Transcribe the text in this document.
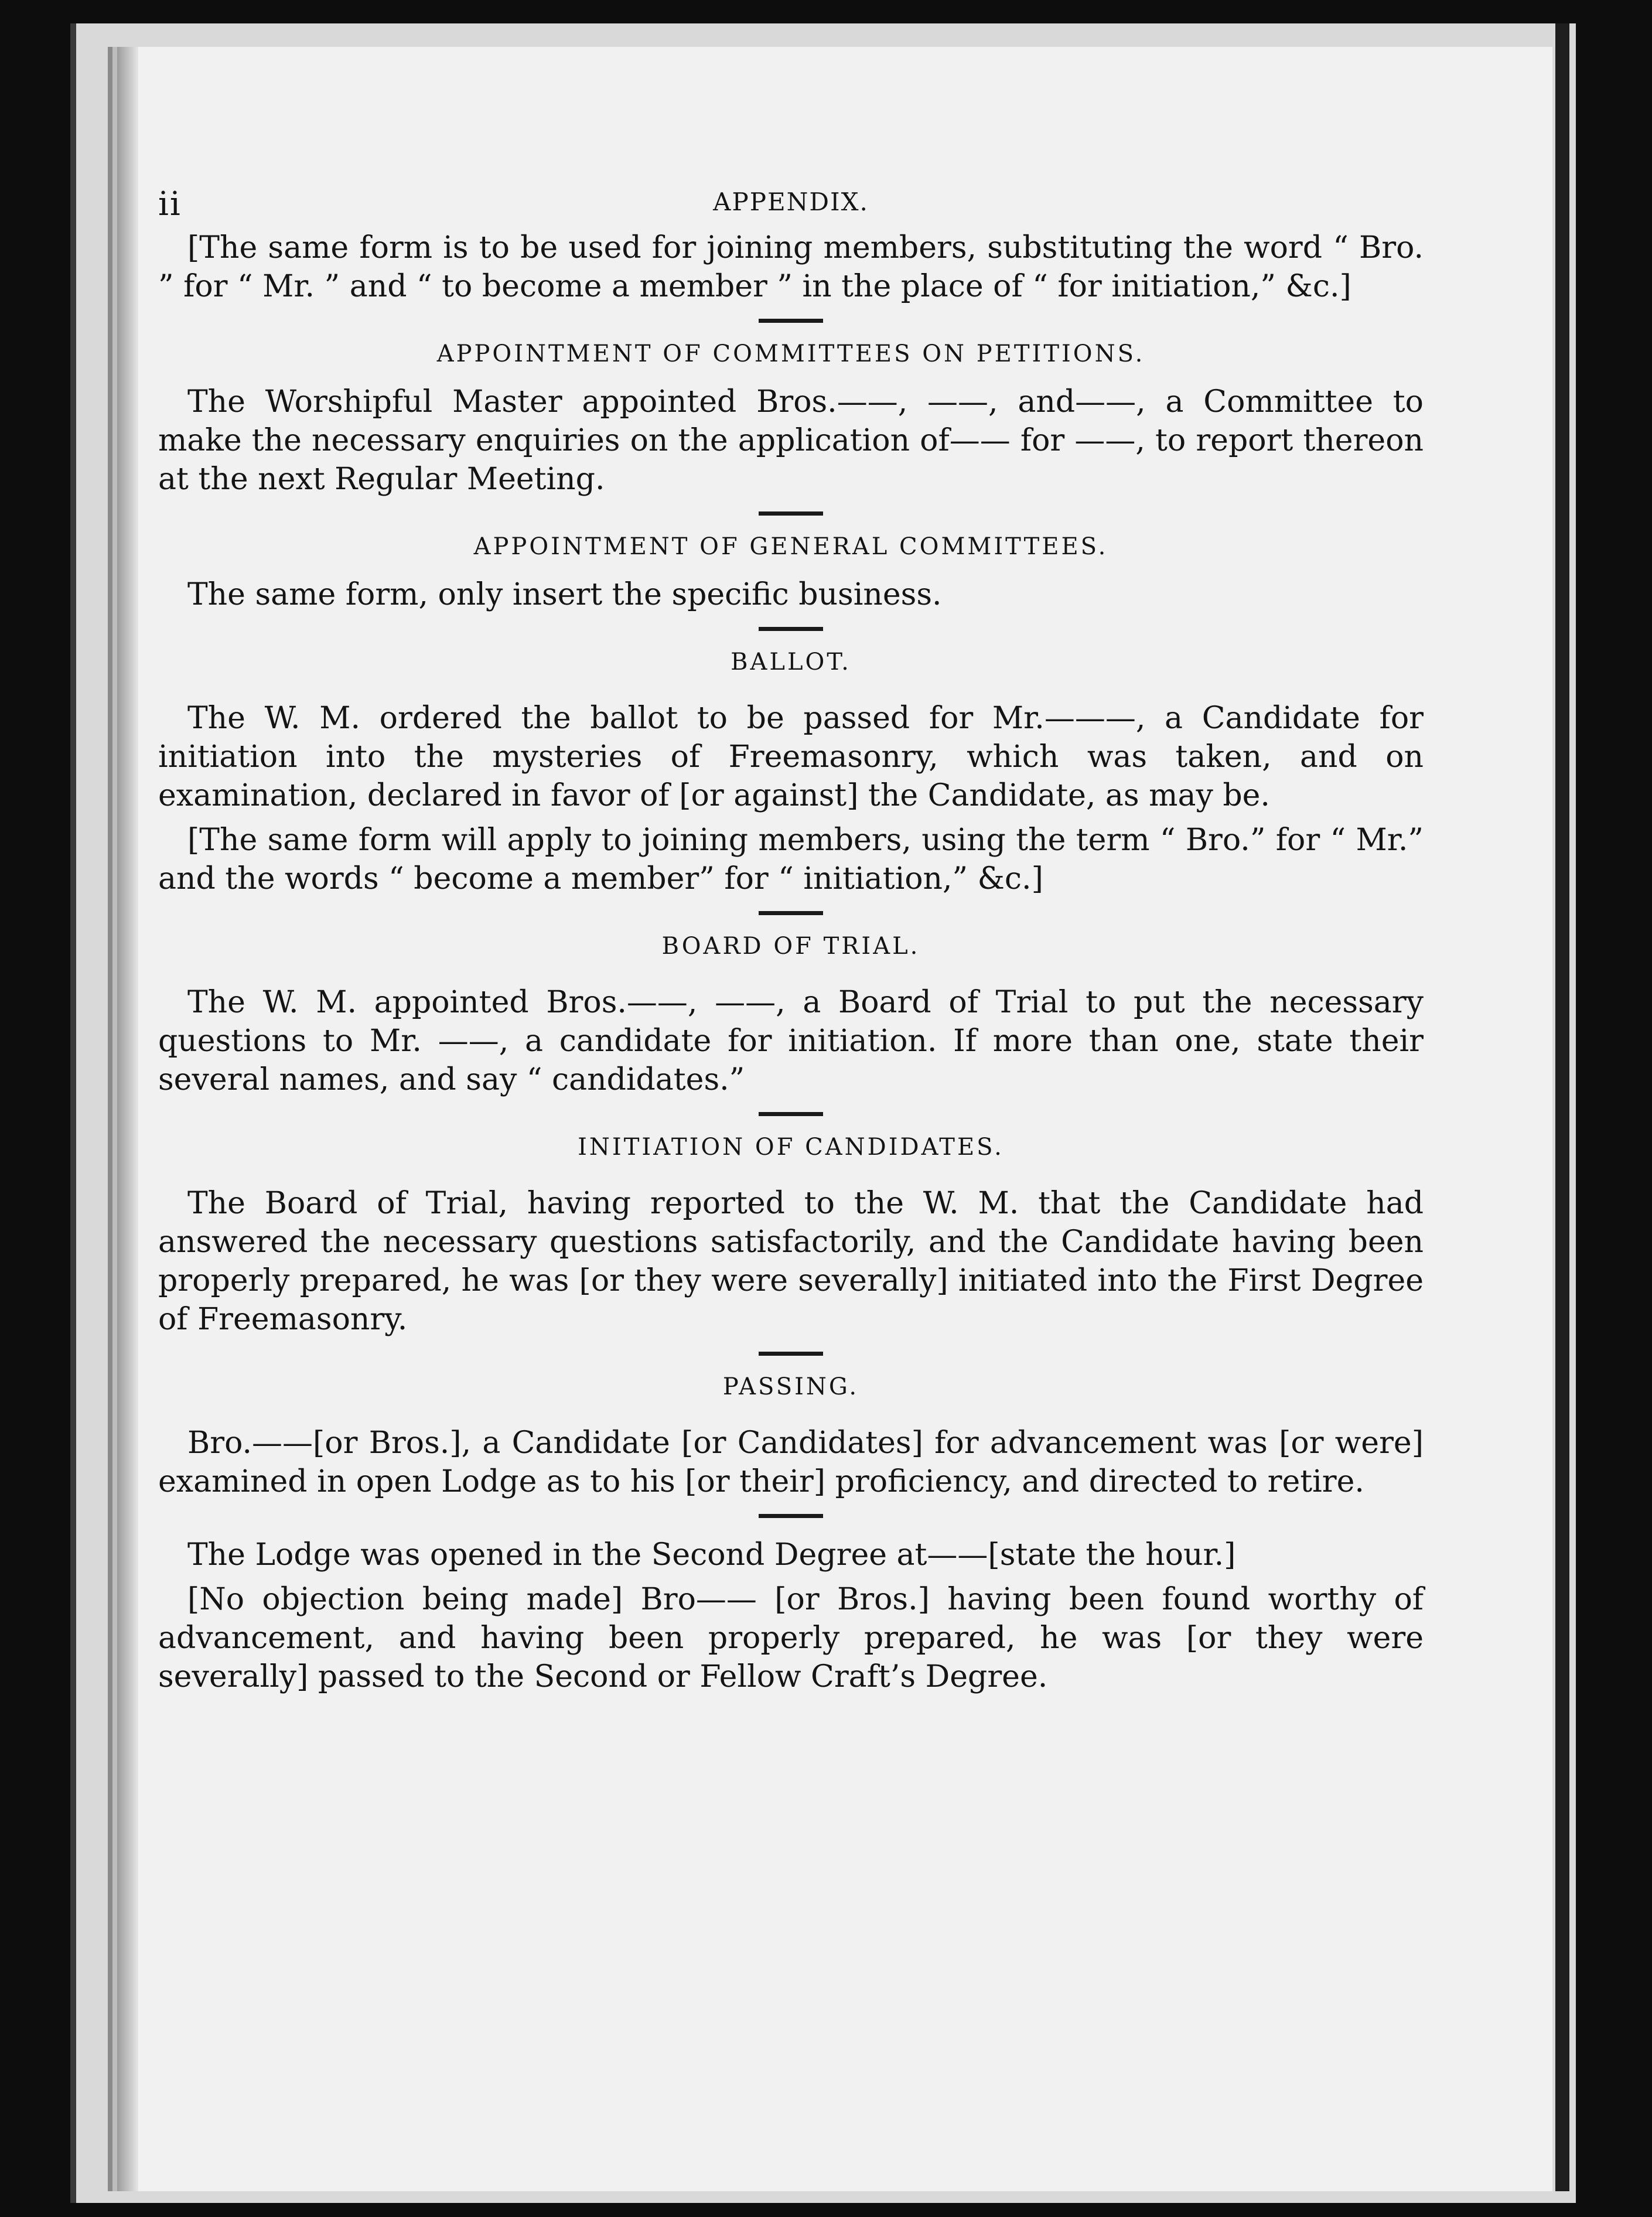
ii	APPENDIX.

[The same form is to be used for joining members, substituting the word “ Bro. ” for “ Mr. ” and “ to become a member ” in the place of “ for initiation,” &c.]

APPOINTMENT OF COMMITTEES ON PETITIONS.

The Worshipful Master appointed Bros.——, ——, and——, a Committee to make the necessary enquiries on the application of—— for ——, to report thereon at the next Regular Meeting.

APPOINTMENT OF GENERAL COMMITTEES.

The same form, only insert the specific business.

BALLOT.

The W. M. ordered the ballot to be passed for Mr.———, a Candidate for initiation into the mysteries of Freemasonry, which was taken, and on examination, declared in favor of [or against] the Candidate, as may be.

[The same form will apply to joining members, using the term “ Bro.” for “ Mr.” and the words “ become a member” for “ initiation,” &c.]

BOARD OF TRIAL.

The W. M. appointed Bros.——, ——, a Board of Trial to put the necessary questions to Mr. ——, a candidate for initiation. If more than one, state their several names, and say “ candidates.”

INITIATION OF CANDIDATES.

The Board of Trial, having reported to the W. M. that the Candidate had answered the necessary questions satisfactorily, and the Candidate having been properly prepared, he was [or they were severally] initiated into the First Degree of Freemasonry.

PASSING.

Bro.——[or Bros.], a Candidate [or Candidates] for advancement was [or were] examined in open Lodge as to his [or their] proficiency, and directed to retire.

The Lodge was opened in the Second Degree at——[state the hour.]

[No objection being made] Bro—— [or Bros.] having been found worthy of advancement, and having been properly prepared, he was [or they were severally] passed to the Second or Fellow Craft’s Degree.
